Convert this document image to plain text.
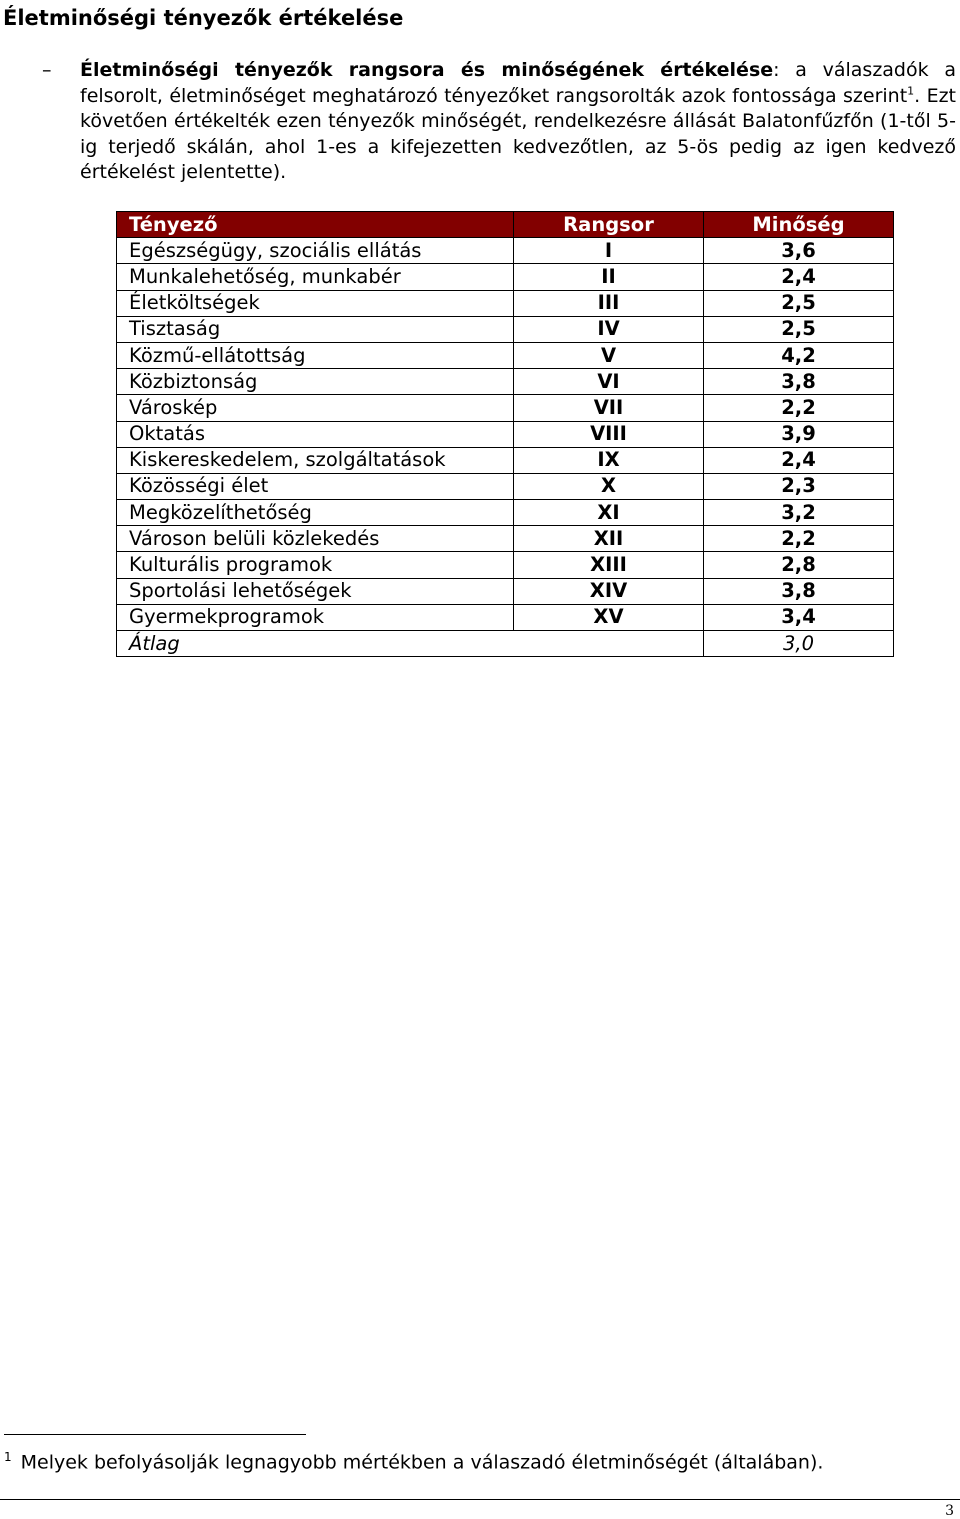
Életminőségi tényezők értékelése
– Életminőségi tényezők rangsora és minőségének értékelése: a válaszadók a felsorolt, életminőséget meghatározó tényezőket rangsorolták azok fontossága szerint$^1$. Ezt követően értékelték ezen tényezők minőségét, rendelkezésre állását Balatonfűzfőn (1-től 5-ig terjedő skálán, ahol 1-es a kifejezetten kedvezőtlen, az 5-ös pedig az igen kedvező értékelést jelentette).

Tényező	Rangsor	Minőség
Egészségügy, szociális ellátás	I	3,6
Munkalehetőség, munkabér	II	2,4
Életköltségek	III	2,5
Tisztaság	IV	2,5
Közmű-ellátottság	V	4,2
Közbiztonság	VI	3,8
Városkép	VII	2,2
Oktatás	VIII	3,9
Kiskereskedelem, szolgáltatások	IX	2,4
Közösségi élet	X	2,3
Megközelíthetőség	XI	3,2
Városon belüli közlekedés	XII	2,2
Kulturális programok	XIII	2,8
Sportolási lehetőségek	XIV	3,8
Gyermekprogramok	XV	3,4
Átlag		3,0

$^1$ Melyek befolyásolják legnagyobb mértékben a válaszadó életminőségét (általában).

3
